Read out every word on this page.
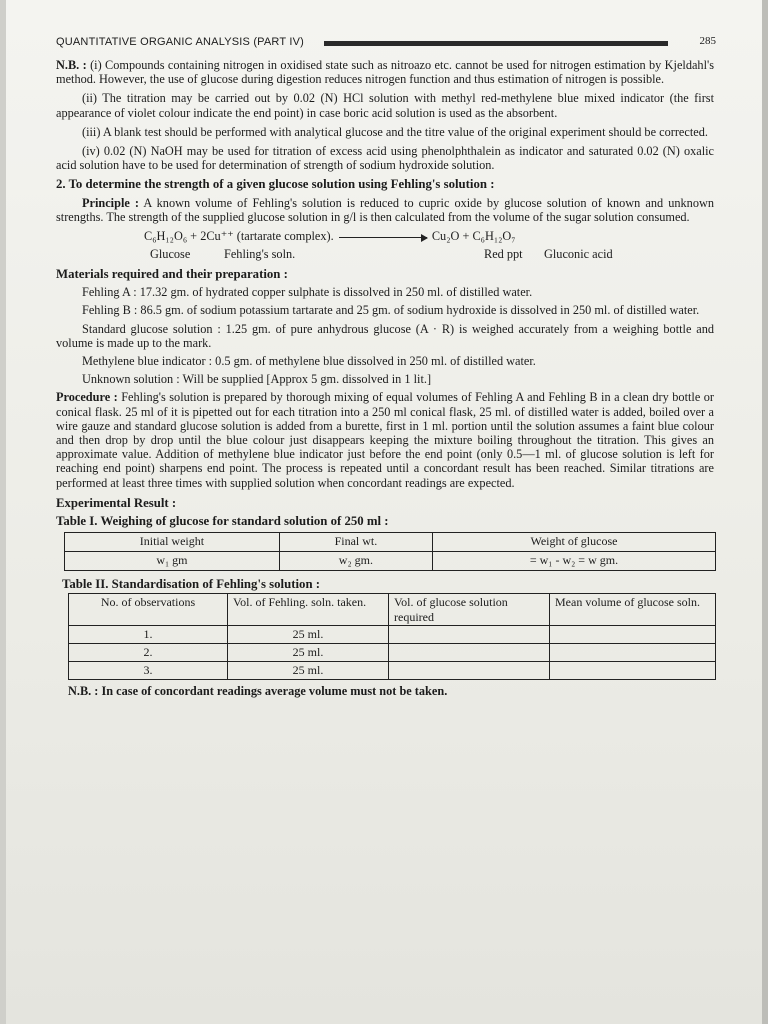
QUANTITATIVE ORGANIC ANALYSIS (PART IV)	285

N.B. : (i) Compounds containing nitrogen in oxidised state such as nitroazo etc. cannot be used for nitrogen estimation by Kjeldahl's method. However, the use of glucose during digestion reduces nitrogen function and thus estimation of nitrogen is possible.

(ii) The titration may be carried out by 0.02 (N) HCl solution with methyl red-methylene blue mixed indicator (the first appearance of violet colour indicate the end point) in case boric acid solution is used as the absorbent.

(iii) A blank test should be performed with analytical glucose and the titre value of the original experiment should be corrected.

(iv) 0.02 (N) NaOH may be used for titration of excess acid using phenolphthalein as indicator and saturated 0.02 (N) oxalic acid solution have to be used for determination of strength of sodium hydroxide solution.

2. To determine the strength of a given glucose solution using Fehling's solution :

Principle : A known volume of Fehling's solution is reduced to cupric oxide by glucose solution of known and unknown strengths. The strength of the supplied glucose solution in g/l is then calculated from the volume of the sugar solution consumed.

C₆H₁₂O₆ + 2Cu⁺⁺ (tartarate complex).	Cu₂O + C₆H₁₂O₇
Glucose	Fehling's soln.	Red ppt Gluconic acid
Materials required and their preparation :

Fehling A : 17.32 gm. of hydrated copper sulphate is dissolved in 250 ml. of distilled water.

Fehling B : 86.5 gm. of sodium potassium tartarate and 25 gm. of sodium hydroxide is dissolved in 250 ml. of distilled water.

Standard glucose solution : 1.25 gm. of pure anhydrous glucose (A · R) is weighed accurately from a weighing bottle and volume is made up to the mark.

Methylene blue indicator : 0.5 gm. of methylene blue dissolved in 250 ml. of distilled water.

Unknown solution : Will be supplied [Approx 5 gm. dissolved in 1 lit.]

Procedure : Fehling's solution is prepared by thorough mixing of equal volumes of Fehling A and Fehling B in a clean dry bottle or conical flask. 25 ml of it is pipetted out for each titration into a 250 ml conical flask, 25 ml. of distilled water is added, boiled over a wire gauze and standard glucose solution is added from a burette, first in 1 ml. portion until the solution assumes a faint blue colour and then drop by drop until the blue colour just disappears keeping the mixture boiling throughout the titration. This gives an approximate value. Addition of methylene blue indicator just before the end point (only 0.5—1 ml. of glucose solution is left for reaching end point) sharpens end point. The process is repeated until a concordant result has been reached. Similar titrations are performed at least three times with supplied solution when concordant readings are expected.

Experimental Result :
Table I. Weighing of glucose for standard solution of 250 ml :
Initial weight	Final wt.	Weight of glucose
w₁ gm	w₂ gm.	= w₁ - w₂ = w gm.
Table II. Standardisation of Fehling's solution :
No. of observations	Vol. of Fehling. soln. taken.	Vol. of glucose solution required	Mean volume of glucose soln.
1.	25 ml.		
2.	25 ml.		
3.	25 ml.		

N.B. : In case of concordant readings average volume must not be taken.
